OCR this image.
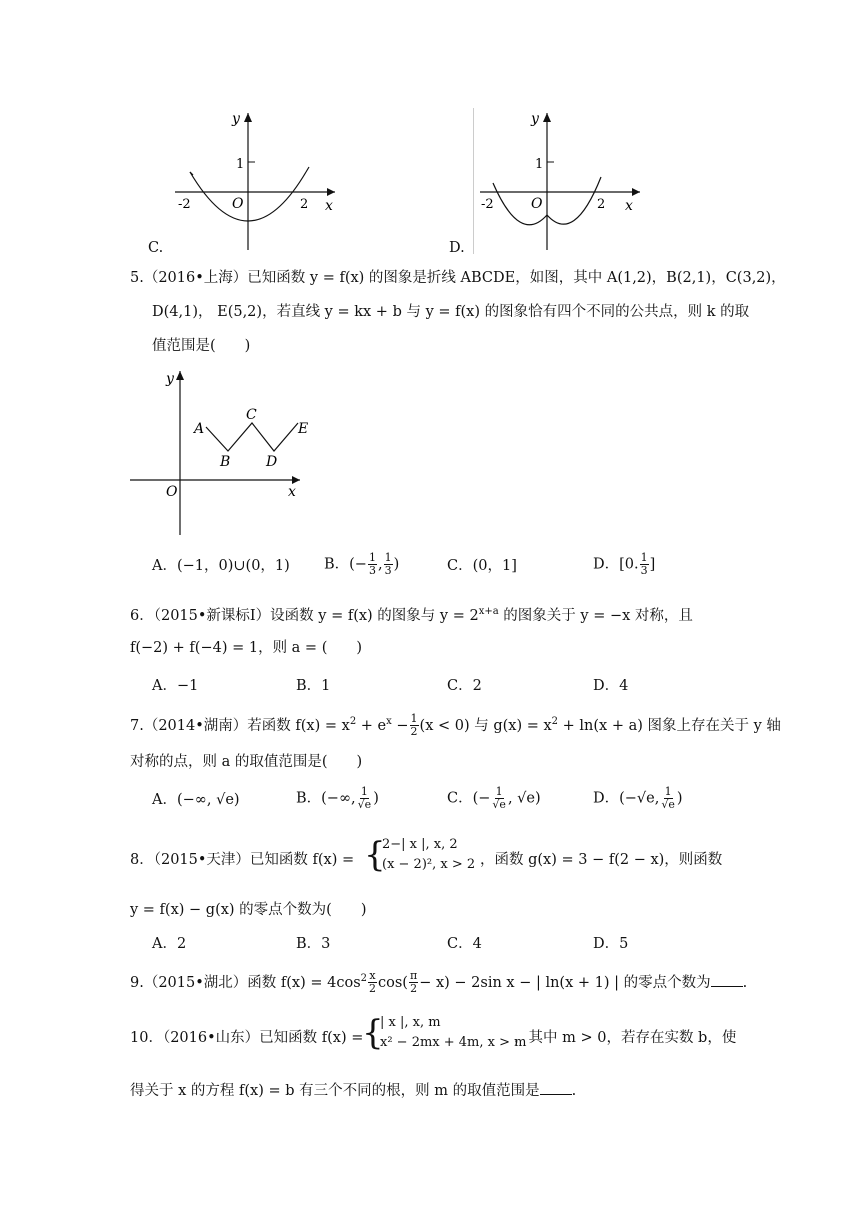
y
x
O
1
-2	2
C.
y
x
O
1
-2	2
D.
5.（2016•上海）已知函数 y = f(x) 的图象是折线 ABCDE，如图，其中 A(1,2)，B(2,1)，C(3,2)，
D(4,1)， E(5,2)，若直线 y = kx + b 与 y = f(x) 的图象恰有四个不同的公共点，则 k 的取
值范围是(　　)
y
x
O
A
B
C
D
E
A．(−1，0)∪(0，1) B．(− $\frac{1}{3}$ , $\frac{1}{3}$ )	C．(0，1]	D．[0. $\frac{1}{3}$ ]
6．（2015•新课标Ⅰ）设函数 y = f(x) 的图象与 $y = 2^{x+a}$ 的图象关于 y = −x 对称，且
f(−2) + f(−4) = 1，则 a = (　　)
A．−1	B．1	C．2	D．4
7.（2014•湖南）若函数 $f(x) = x^2 + e^x - \frac{1}{2} (x < 0)$ 与 $g(x) = x^2 + \ln(x + a)$ 图象上存在关于 y 轴
对称的点，则 a 的取值范围是(　　)
A．(−∞, √e)	B．(−∞, $\frac{1}{√e}$ )	C．(− $\frac{1}{√e}$ , √e)	D．(−√e, $\frac{1}{√e}$ )
8．（2015•天津）已知函数 f(x) = {
2−| x |, x, 2
(x − 2)², x > 2 ，函数 g(x) = 3 − f(2 − x)，则函数
y = f(x) − g(x) 的零点个数为(　　)
A．2	B．3	C．4	D．5
9.（2015•湖北）函数 $f(x) = 4\cos^2 \frac{x}{2} \cos( \frac{\pi}{2} - x) - 2\sin$ x − | ln(x + 1) | 的零点个数为 .
10．（2016•山东）已知函数 f(x) =
{
| x |, x, m
x² − 2mx + 4m, x > m
，其中 m > 0，若存在实数 b，使
得关于 x 的方程 f(x) = b 有三个不同的根，则 m 的取值范围是 .
